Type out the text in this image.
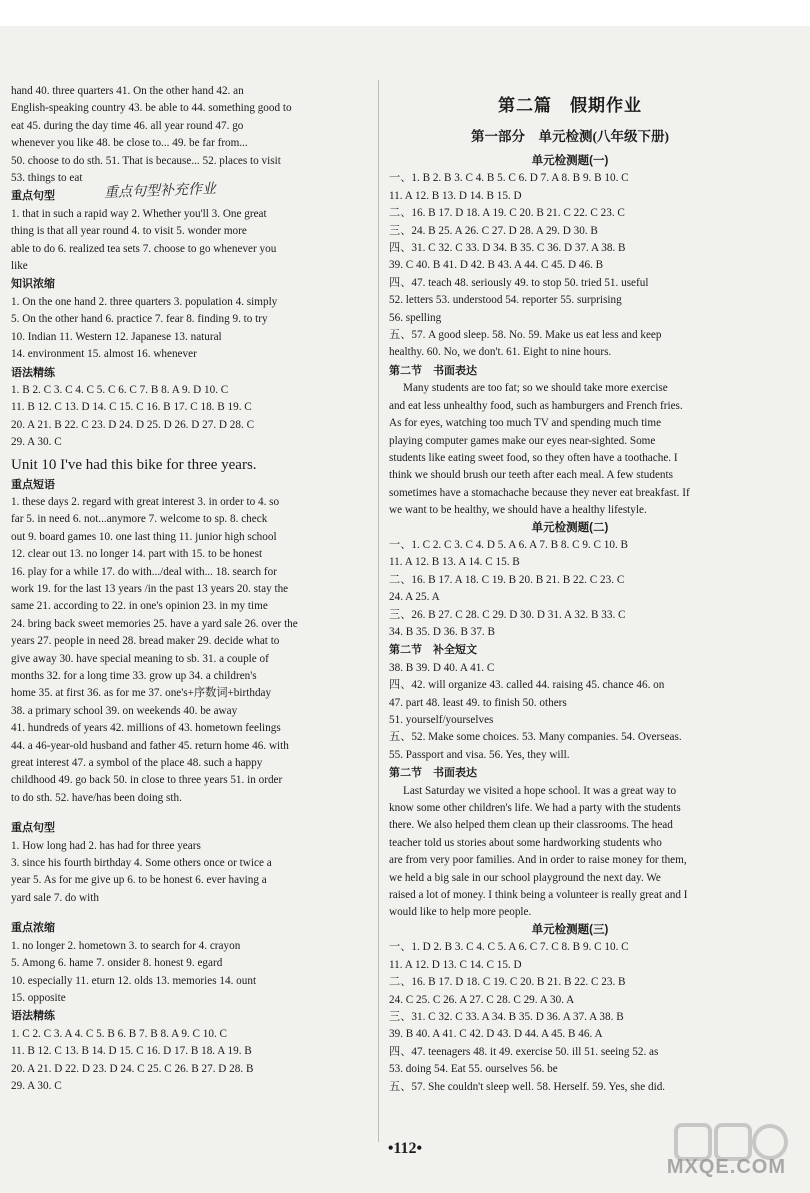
hand 40. three quarters 41. On the other hand 42. an
English-speaking country 43. be able to 44. something good to
eat 45. during the day time 46. all year round 47. go
whenever you like 48. be close to... 49. be far from...
50. choose to do sth. 51. That is because... 52. places to visit
53. things to eat
重点句型
1. that in such a rapid way 2. Whether you'll 3. One great
thing is that all year round 4. to visit 5. wonder more
able to do 6. realized tea sets 7. choose to go whenever you
like
知识浓缩
1. On the one hand 2. three quarters 3. population 4. simply
5. On the other hand 6. practice 7. fear 8. finding 9. to try
10. Indian 11. Western 12. Japanese 13. natural
14. environment 15. almost 16. whenever
语法精练
1. B 2. C 3. C 4. C 5. C 6. C 7. B 8. A 9. D 10. C
11. B 12. C 13. D 14. C 15. C 16. B 17. C 18. B 19. C
20. A 21. B 22. C 23. D 24. D 25. D 26. D 27. D 28. C
29. A 30. C
Unit 10 I've had this bike for three years.
重点短语
1. these days 2. regard with great interest 3. in order to 4. so
far 5. in need 6. not...anymore 7. welcome to sp. 8. check
out 9. board games 10. one last thing 11. junior high school
12. clear out 13. no longer 14. part with 15. to be honest
16. play for a while 17. do with.../deal with... 18. search for
work 19. for the last 13 years /in the past 13 years 20. stay the
same 21. according to 22. in one's opinion 23. in my time
24. bring back sweet memories 25. have a yard sale 26. over the
years 27. people in need 28. bread maker 29. decide what to
give away 30. have special meaning to sb. 31. a couple of
months 32. for a long time 33. grow up 34. a children's
home 35. at first 36. as for me 37. one's+序数词+birthday
38. a primary school 39. on weekends 40. be away
41. hundreds of years 42. millions of 43. hometown feelings
44. a 46-year-old husband and father 45. return home 46. with
great interest 47. a symbol of the place 48. such a happy
childhood 49. go back 50. in close to three years 51. in order
to do sth. 52. have/has been doing sth.
重点句型
1. How long had 2. has had for three years
3. since his fourth birthday 4. Some others once or twice a
year 5. As for me give up 6. to be honest 6. ever having a
yard sale 7. do with
重点浓缩
1. no longer 2. hometown 3. to search for 4. crayon
5. Among 6. hame 7. onsider 8. honest 9. egard
10. especially 11. eturn 12. olds 13. memories 14. ount
15. opposite
语法精练
1. C 2. C 3. A 4. C 5. B 6. B 7. B 8. A 9. C 10. C
11. B 12. C 13. B 14. D 15. C 16. D 17. B 18. A 19. B
20. A 21. D 22. D 23. D 24. C 25. C 26. B 27. D 28. B
29. A 30. C
重点句型补充作业
第二篇　假期作业
第一部分　单元检测(八年级下册)
单元检测题(一)
一、1. B 2. B 3. C 4. B 5. C 6. D 7. A 8. B 9. B 10. C
11. A 12. B 13. D 14. B 15. D
二、16. B 17. D 18. A 19. C 20. B 21. C 22. C 23. C
三、24. B 25. A 26. C 27. D 28. A 29. D 30. B
四、31. C 32. C 33. D 34. B 35. C 36. D 37. A 38. B
39. C 40. B 41. D 42. B 43. A 44. C 45. D 46. B
四、47. teach 48. seriously 49. to stop 50. tried 51. useful
52. letters 53. understood 54. reporter 55. surprising
56. spelling
五、57. A good sleep. 58. No. 59. Make us eat less and keep
healthy. 60. No, we don't. 61. Eight to nine hours.
第二节　书面表达
Many students are too fat; so we should take more exercise
and eat less unhealthy food, such as hamburgers and French fries.
As for eyes, watching too much TV and spending much time
playing computer games make our eyes near-sighted. Some
students like eating sweet food, so they often have a toothache. I
think we should brush our teeth after each meal. A few students
sometimes have a stomachache because they never eat breakfast. If
we want to be healthy, we should have a healthy lifestyle.
单元检测题(二)
一、1. C 2. C 3. C 4. D 5. A 6. A 7. B 8. C 9. C 10. B
11. A 12. B 13. A 14. C 15. B
二、16. B 17. A 18. C 19. B 20. B 21. B 22. C 23. C
24. A 25. A
三、26. B 27. C 28. C 29. D 30. D 31. A 32. B 33. C
34. B 35. D 36. B 37. B
第二节　补全短文
38. B 39. D 40. A 41. C
四、42. will organize 43. called 44. raising 45. chance 46. on
47. part 48. least 49. to finish 50. others
51. yourself/yourselves
五、52. Make some choices. 53. Many companies. 54. Overseas.
55. Passport and visa. 56. Yes, they will.
第二节　书面表达
Last Saturday we visited a hope school. It was a great way to
know some other children's life. We had a party with the students
there. We also helped them clean up their classrooms. The head
teacher told us stories about some hardworking students who
are from very poor families. And in order to raise money for them,
we held a big sale in our school playground the next day. We
raised a lot of money. I think being a volunteer is really great and I
would like to help more people.
单元检测题(三)
一、1. D 2. B 3. C 4. C 5. A 6. C 7. C 8. B 9. C 10. C
11. A 12. D 13. C 14. C 15. D
二、16. B 17. D 18. C 19. C 20. B 21. B 22. C 23. B
24. C 25. C 26. A 27. C 28. C 29. A 30. A
三、31. C 32. C 33. A 34. B 35. D 36. A 37. A 38. B
39. B 40. A 41. C 42. D 43. D 44. A 45. B 46. A
四、47. teenagers 48. it 49. exercise 50. ill 51. seeing 52. as
53. doing 54. Eat 55. ourselves 56. be
五、57. She couldn't sleep well. 58. Herself. 59. Yes, she did.
•112•
MXQE.COM
